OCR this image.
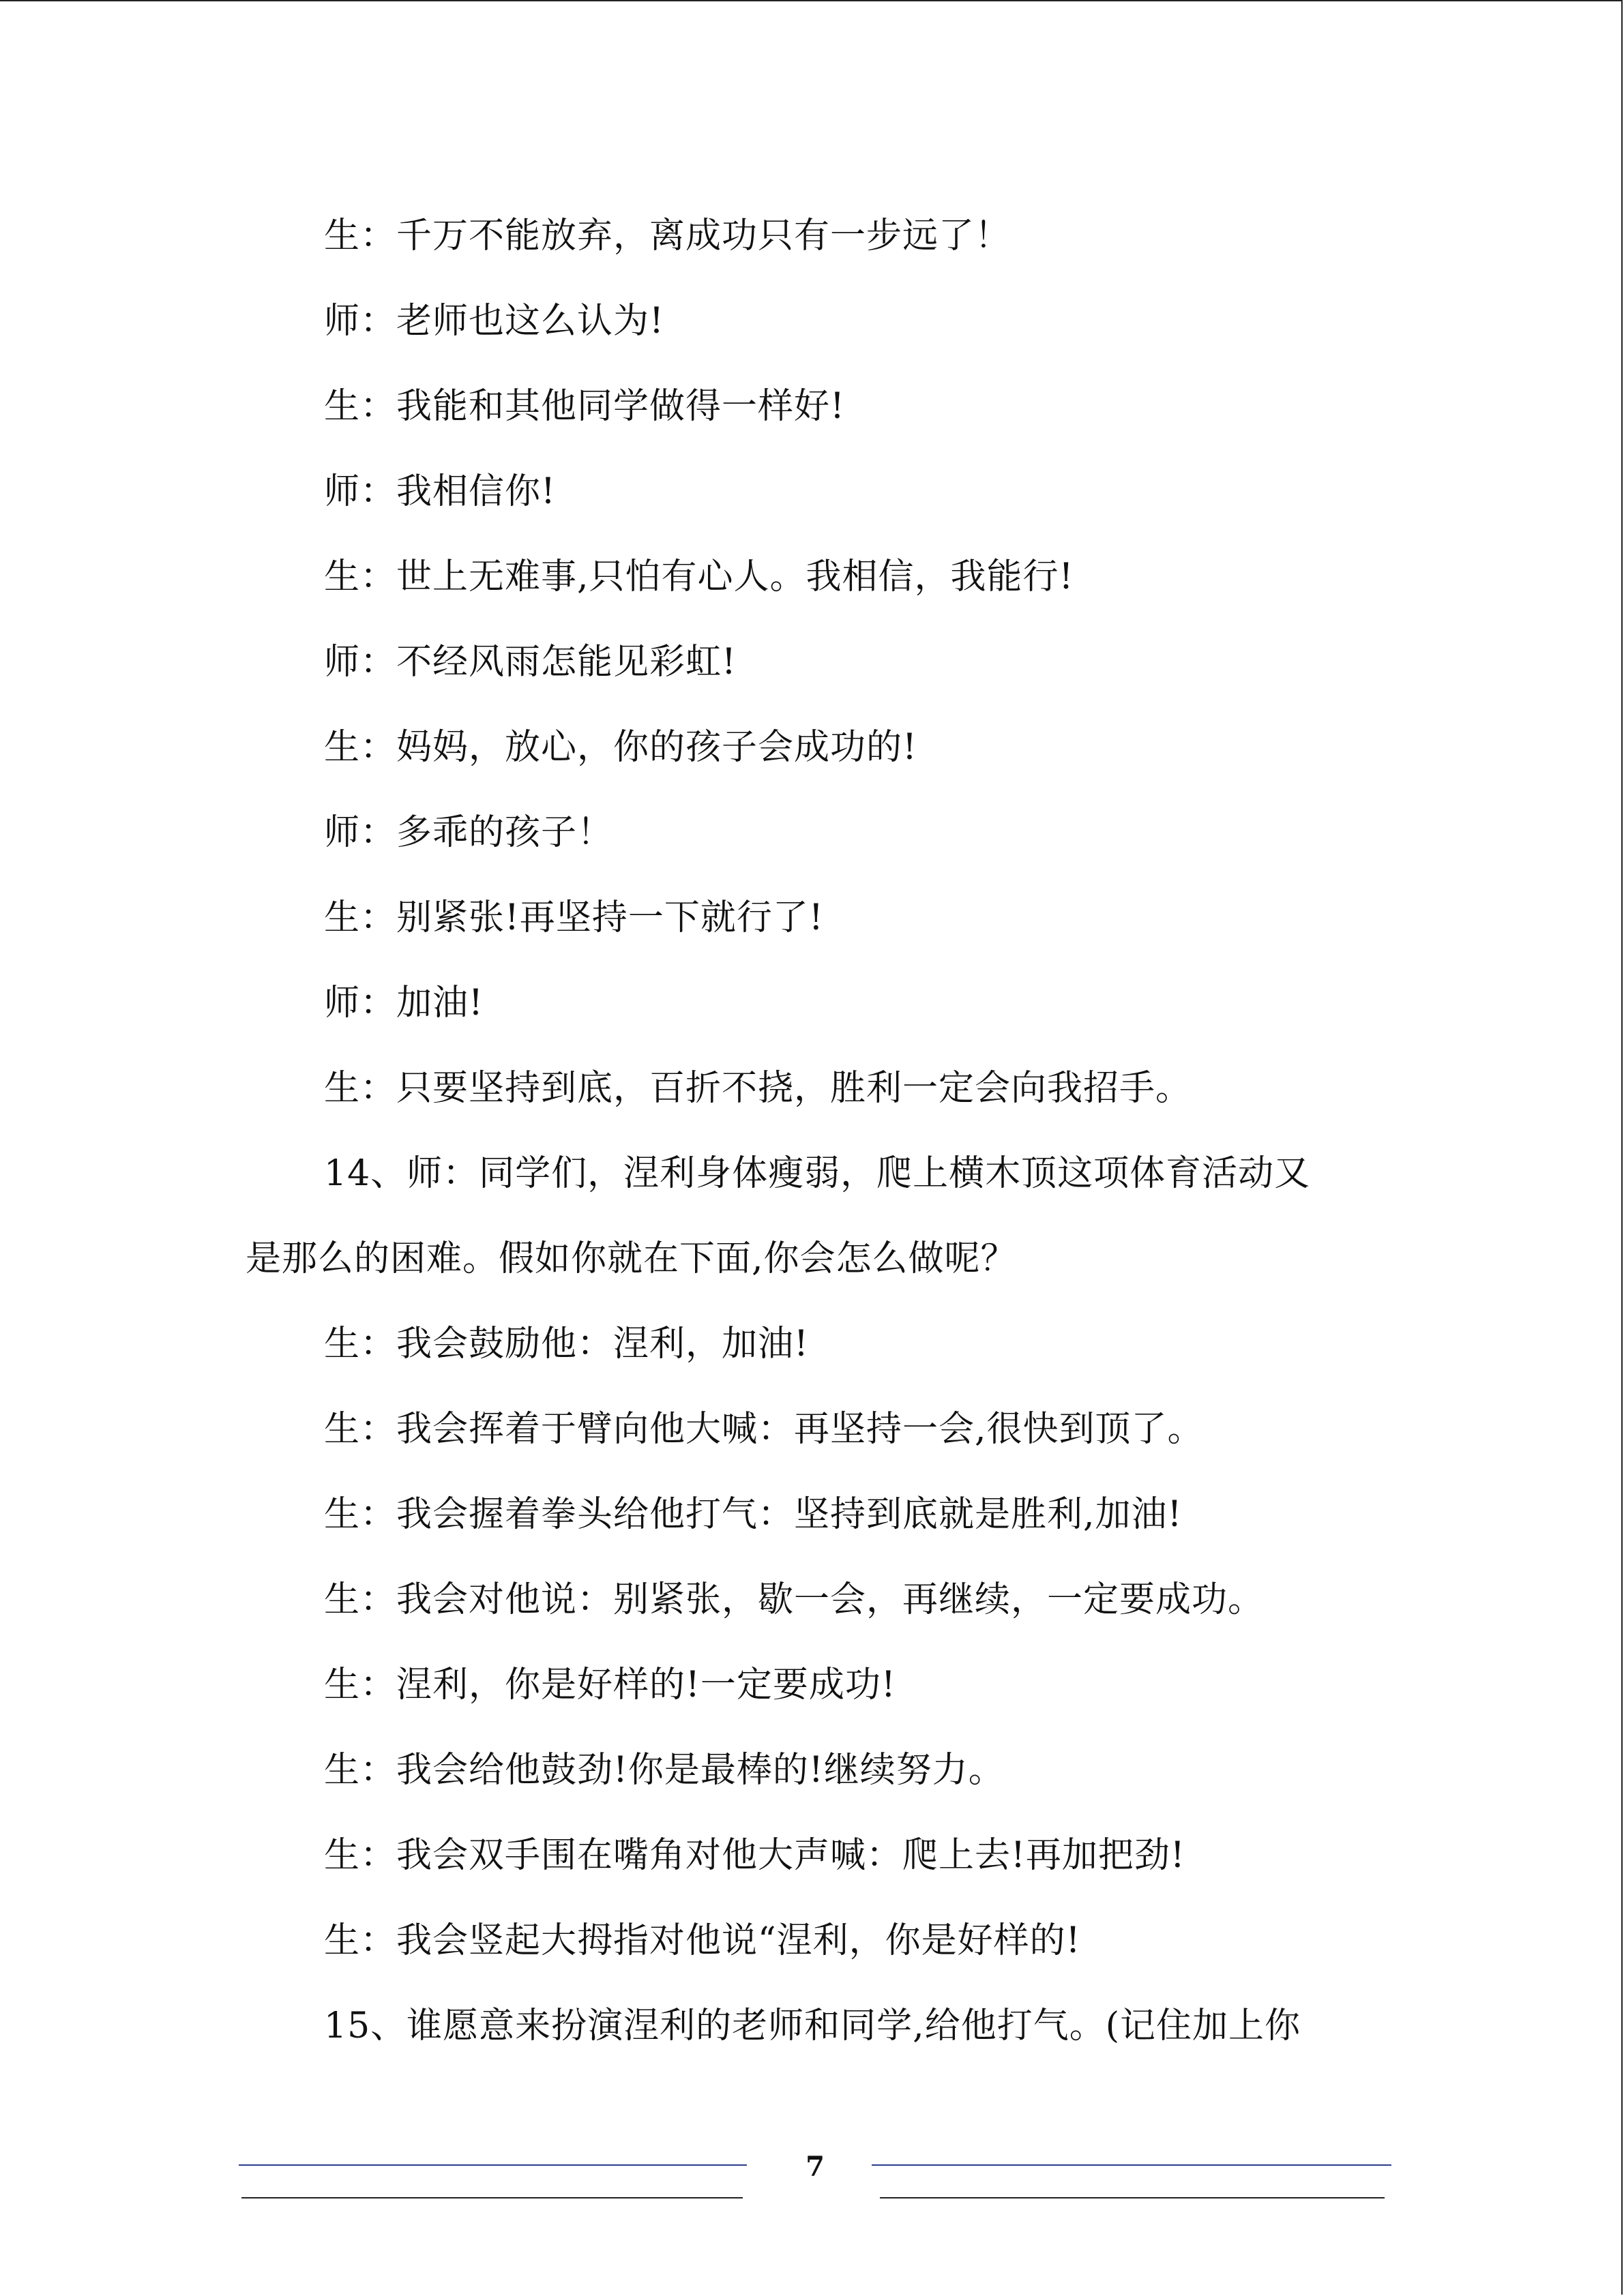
生：千万不能放弃，离成功只有一步远了！
师：老师也这么认为!
生：我能和其他同学做得一样好!
师：我相信你!
生：世上无难事,只怕有心人。我相信，我能行!
师：不经风雨怎能见彩虹!
生：妈妈，放心，你的孩子会成功的!
师：多乖的孩子！
生：别紧张!再坚持一下就行了!
师：加油!
生：只要坚持到底，百折不挠，胜利一定会向我招手。
14、师：同学们，涅利身体瘦弱，爬上横木顶这项体育活动又
是那么的困难。假如你就在下面,你会怎么做呢？
生：我会鼓励他：涅利，加油!
生：我会挥着于臂向他大喊：再坚持一会,很快到顶了。
生：我会握着拳头给他打气：坚持到底就是胜利,加油!
生：我会对他说：别紧张，歇一会，再继续，一定要成功。
生：涅利，你是好样的!一定要成功!
生：我会给他鼓劲!你是最棒的!继续努力。
生：我会双手围在嘴角对他大声喊：爬上去!再加把劲!
生：我会竖起大拇指对他说“涅利，你是好样的!
15、谁愿意来扮演涅利的老师和同学,给他打气。(记住加上你
7
